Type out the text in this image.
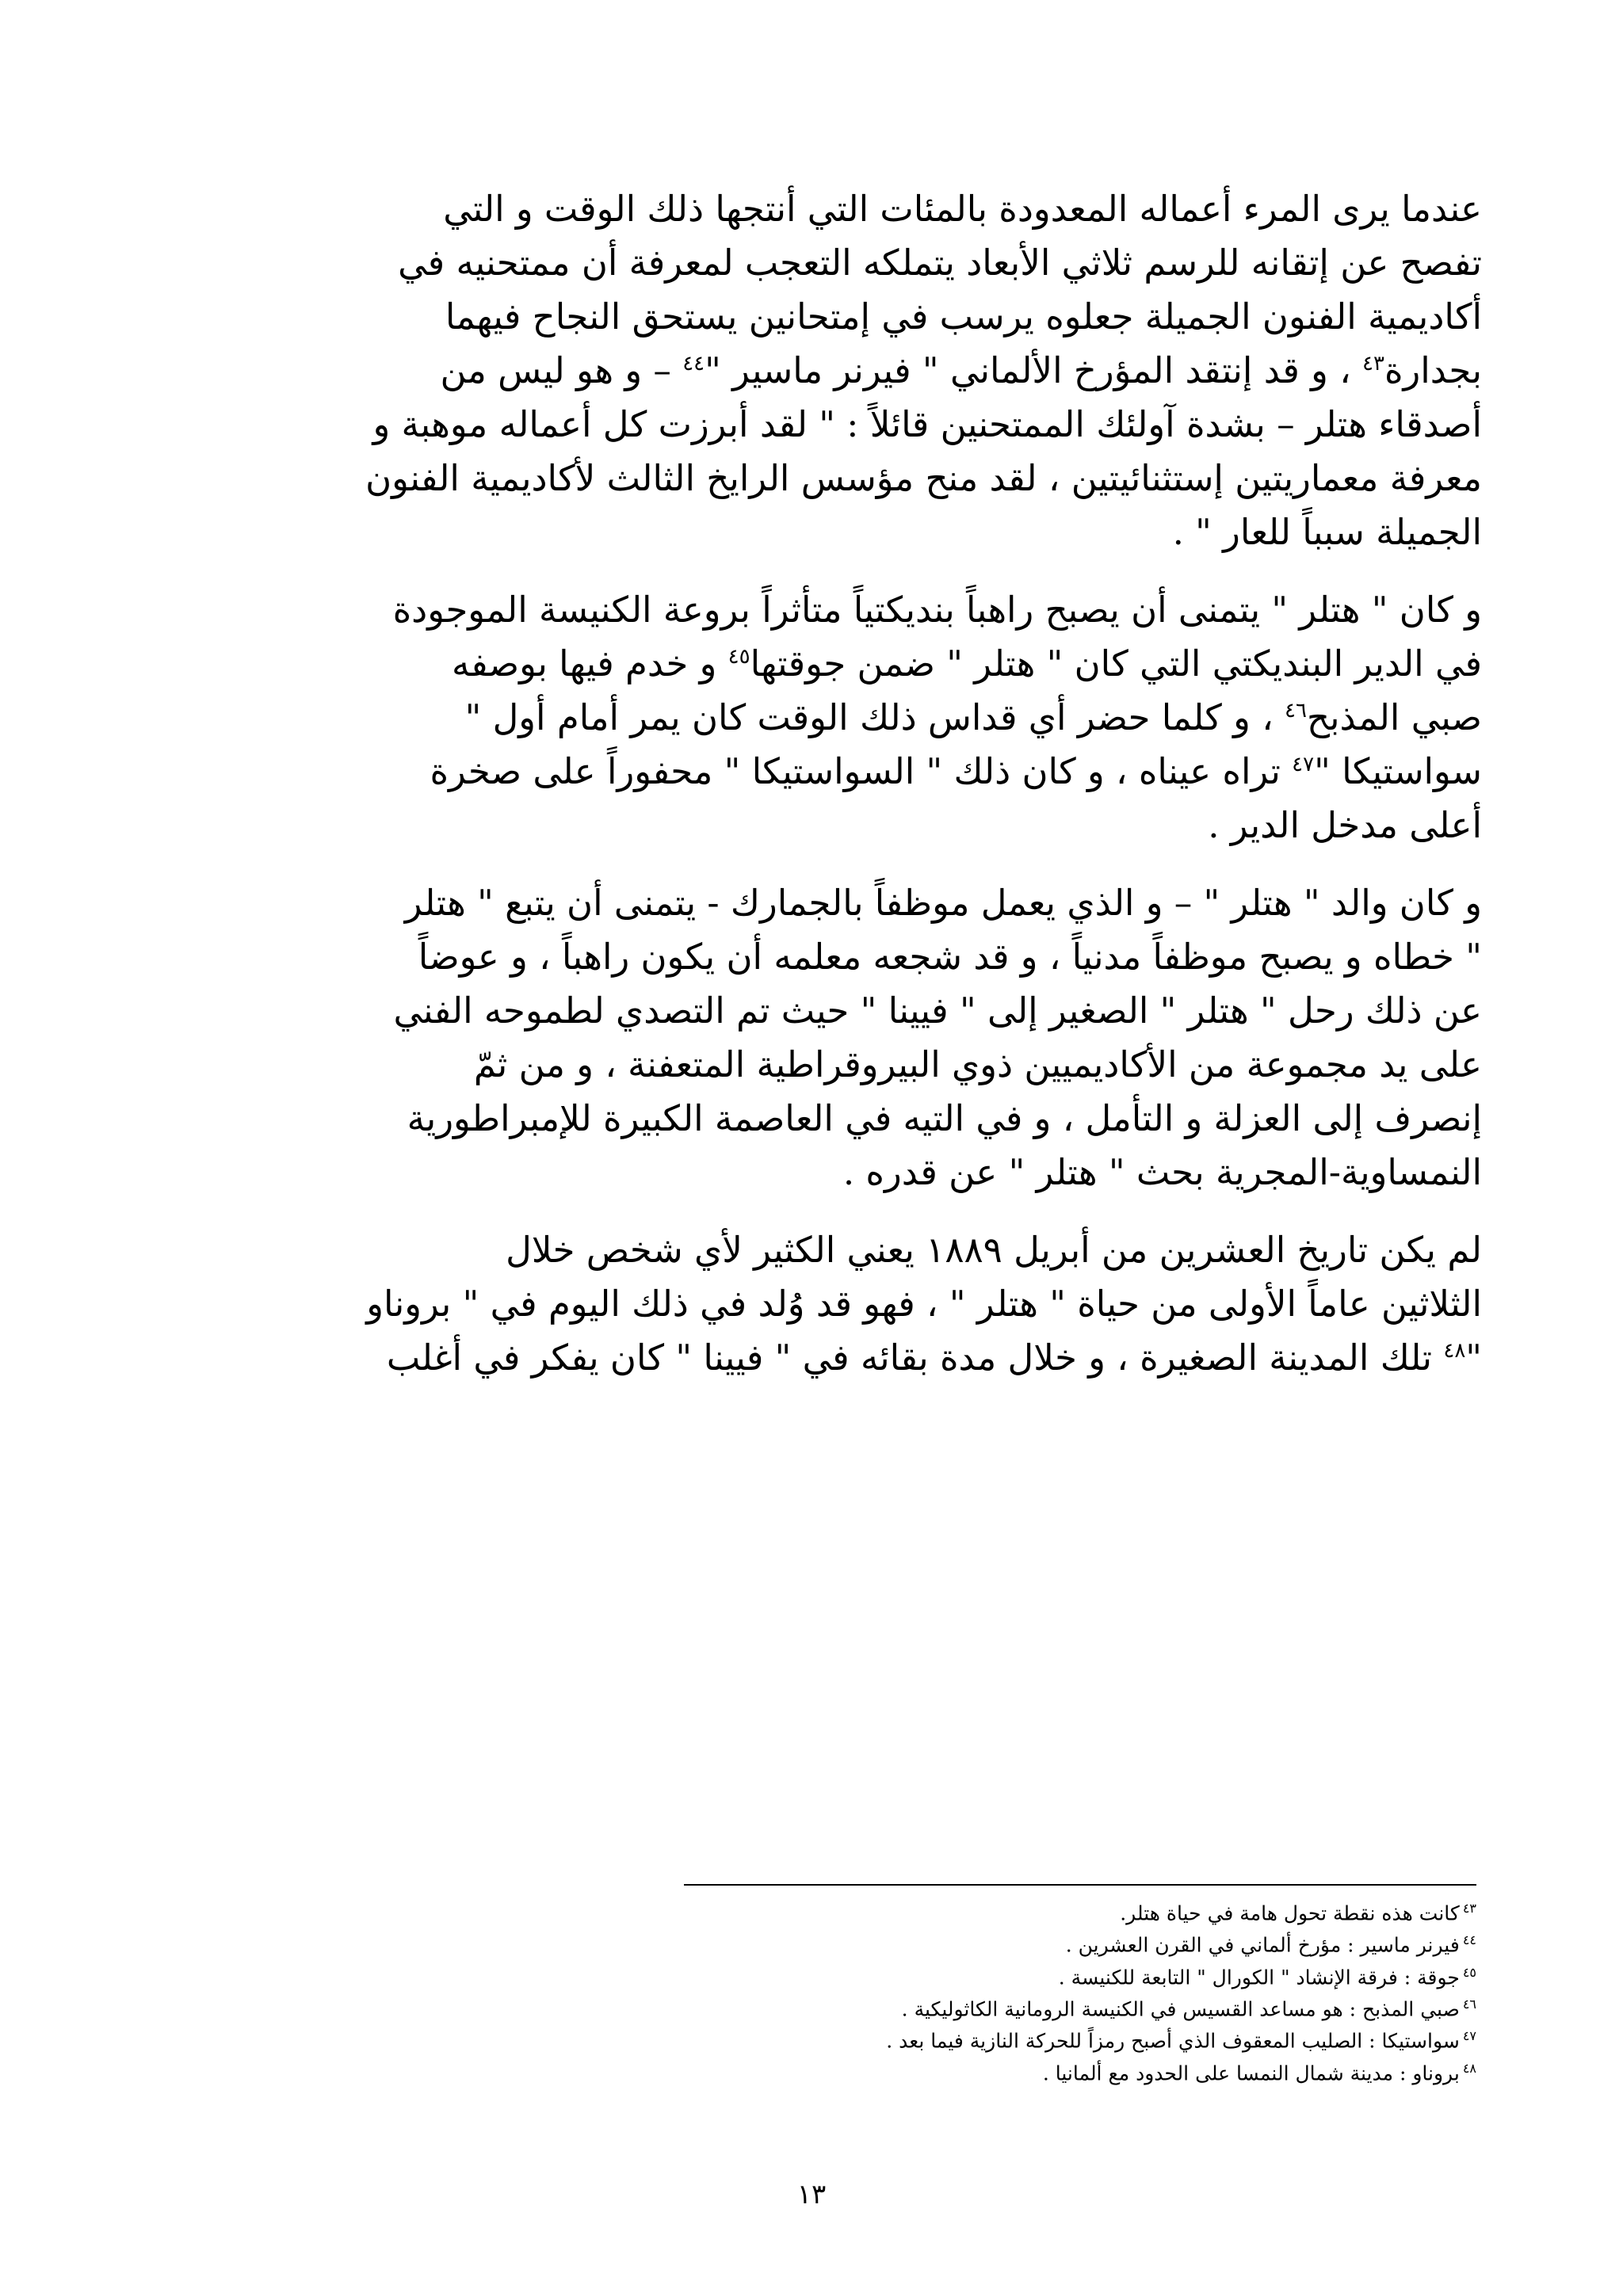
عندما يرى المرء أعماله المعدودة بالمئات التي أنتجها ذلك الوقت و التي
تفصح عن إتقانه للرسم ثلاثي الأبعاد يتملكه التعجب لمعرفة أن ممتحنيه في
أكاديمية الفنون الجميلة جعلوه يرسب في إمتحانين يستحق النجاح فيهما
بجدارة$^{٤٣}$ ، و قد إنتقد المؤرخ الألماني " فيرنر ماسير "$^{٤٤}$ – و هو ليس من
أصدقاء هتلر – بشدة آولئك الممتحنين قائلاً : " لقد أبرزت كل أعماله موهبة و
معرفة معماريتين إستثنائيتين ، لقد منح مؤسس الرايخ الثالث لأكاديمية الفنون
الجميلة سبباً للعار " .

و كان " هتلر " يتمنى أن يصبح راهباً بنديكتياً متأثراً بروعة الكنيسة الموجودة
في الدير البنديكتي التي كان " هتلر " ضمن جوقتها$^{٤٥}$ و خدم فيها بوصفه
صبي المذبح$^{٤٦}$ ، و كلما حضر أي قداس ذلك الوقت كان يمر أمام أول "
سواستيكا "$^{٤٧}$ تراه عيناه ، و كان ذلك " السواستيكا " محفوراً على صخرة
أعلى مدخل الدير .

و كان والد " هتلر " – و الذي يعمل موظفاً بالجمارك - يتمنى أن يتبع " هتلر
" خطاه و يصبح موظفاً مدنياً ، و قد شجعه معلمه أن يكون راهباً ، و عوضاً
عن ذلك رحل " هتلر " الصغير إلى " فيينا " حيث تم التصدي لطموحه الفني
على يد مجموعة من الأكاديميين ذوي البيروقراطية المتعفنة ، و من ثمّ
إنصرف إلى العزلة و التأمل ، و في التيه في العاصمة الكبيرة للإمبراطورية
النمساوية-المجرية بحث " هتلر " عن قدره .

لم يكن تاريخ العشرين من أبريل ١٨٨٩ يعني الكثير لأي شخص خلال
الثلاثين عاماً الأولى من حياة " هتلر " ، فهو قد وُلد في ذلك اليوم في " بروناو
"$^{٤٨}$ تلك المدينة الصغيرة ، و خلال مدة بقائه في " فيينا " كان يفكر في أغلب

$^{٤٣}$كانت هذه نقطة تحول هامة في حياة هتلر.
$^{٤٤}$فيرنر ماسير : مؤرخ ألماني في القرن العشرين .
$^{٤٥}$جوقة : فرقة الإنشاد " الكورال " التابعة للكنيسة .
$^{٤٦}$صبي المذبح : هو مساعد القسيس في الكنيسة الرومانية الكاثوليكية .
$^{٤٧}$سواستيكا : الصليب المعقوف الذي أصبح رمزاً للحركة النازية فيما بعد .
$^{٤٨}$بروناو : مدينة شمال النمسا على الحدود مع ألمانيا .
١٣
